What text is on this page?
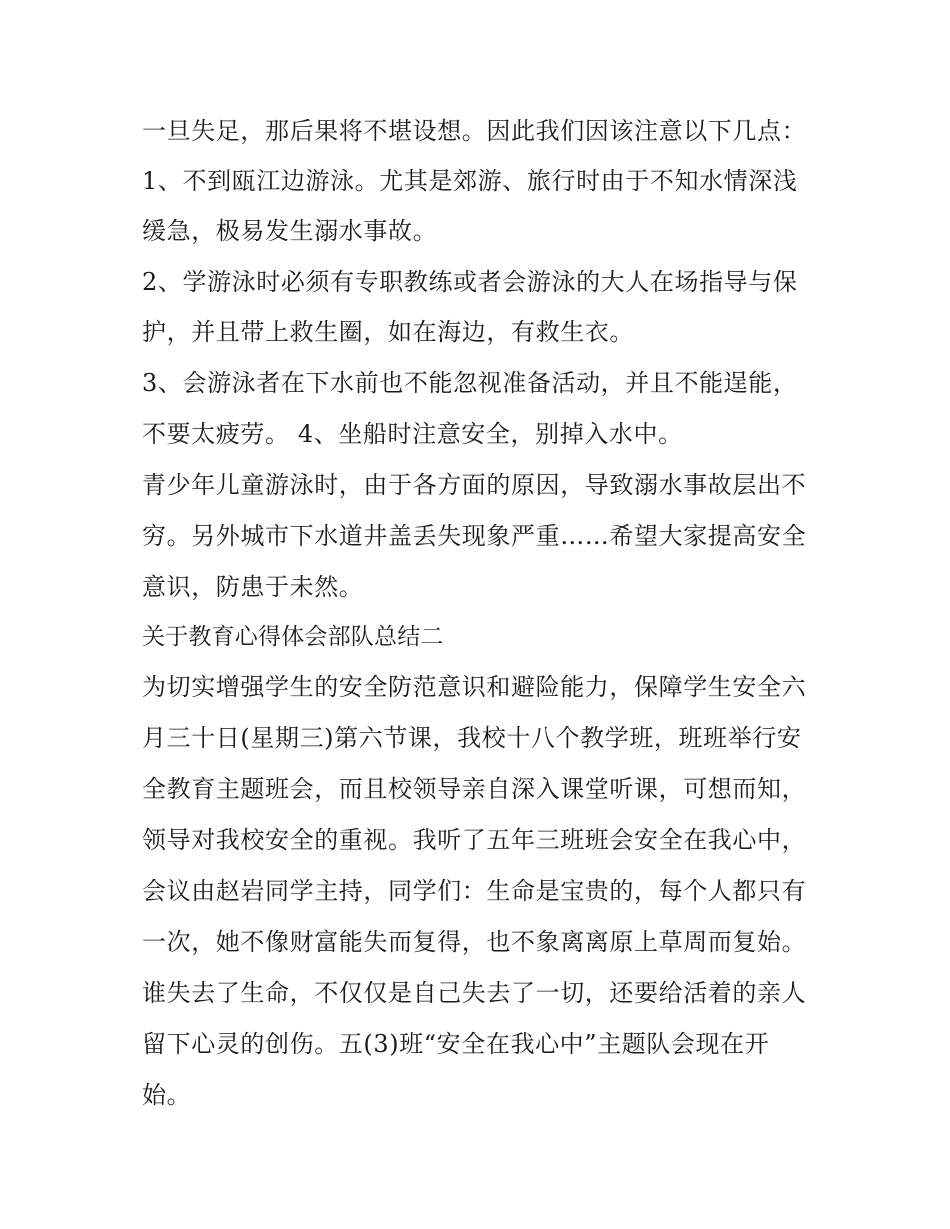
一旦失足，那后果将不堪设想。因此我们因该注意以下几点：

1、不到瓯江边游泳。尤其是郊游、旅行时由于不知水情深浅

缓急，极易发生溺水事故。

2、学游泳时必须有专职教练或者会游泳的大人在场指导与保

护，并且带上救生圈，如在海边，有救生衣。

3、会游泳者在下水前也不能忽视准备活动，并且不能逞能，

不要太疲劳。 4、坐船时注意安全，别掉入水中。

青少年儿童游泳时，由于各方面的原因，导致溺水事故层出不

穷。另外城市下水道井盖丢失现象严重……希望大家提高安全

意识，防患于未然。

关于教育心得体会部队总结二

为切实增强学生的安全防范意识和避险能力，保障学生安全六

月三十日(星期三)第六节课，我校十八个教学班，班班举行安

全教育主题班会，而且校领导亲自深入课堂听课，可想而知，

领导对我校安全的重视。我听了五年三班班会安全在我心中，

会议由赵岩同学主持，同学们：生命是宝贵的，每个人都只有

一次，她不像财富能失而复得，也不象离离原上草周而复始。

谁失去了生命，不仅仅是自己失去了一切，还要给活着的亲人

留下心灵的创伤。五(3)班“安全在我心中”主题队会现在开

始。
